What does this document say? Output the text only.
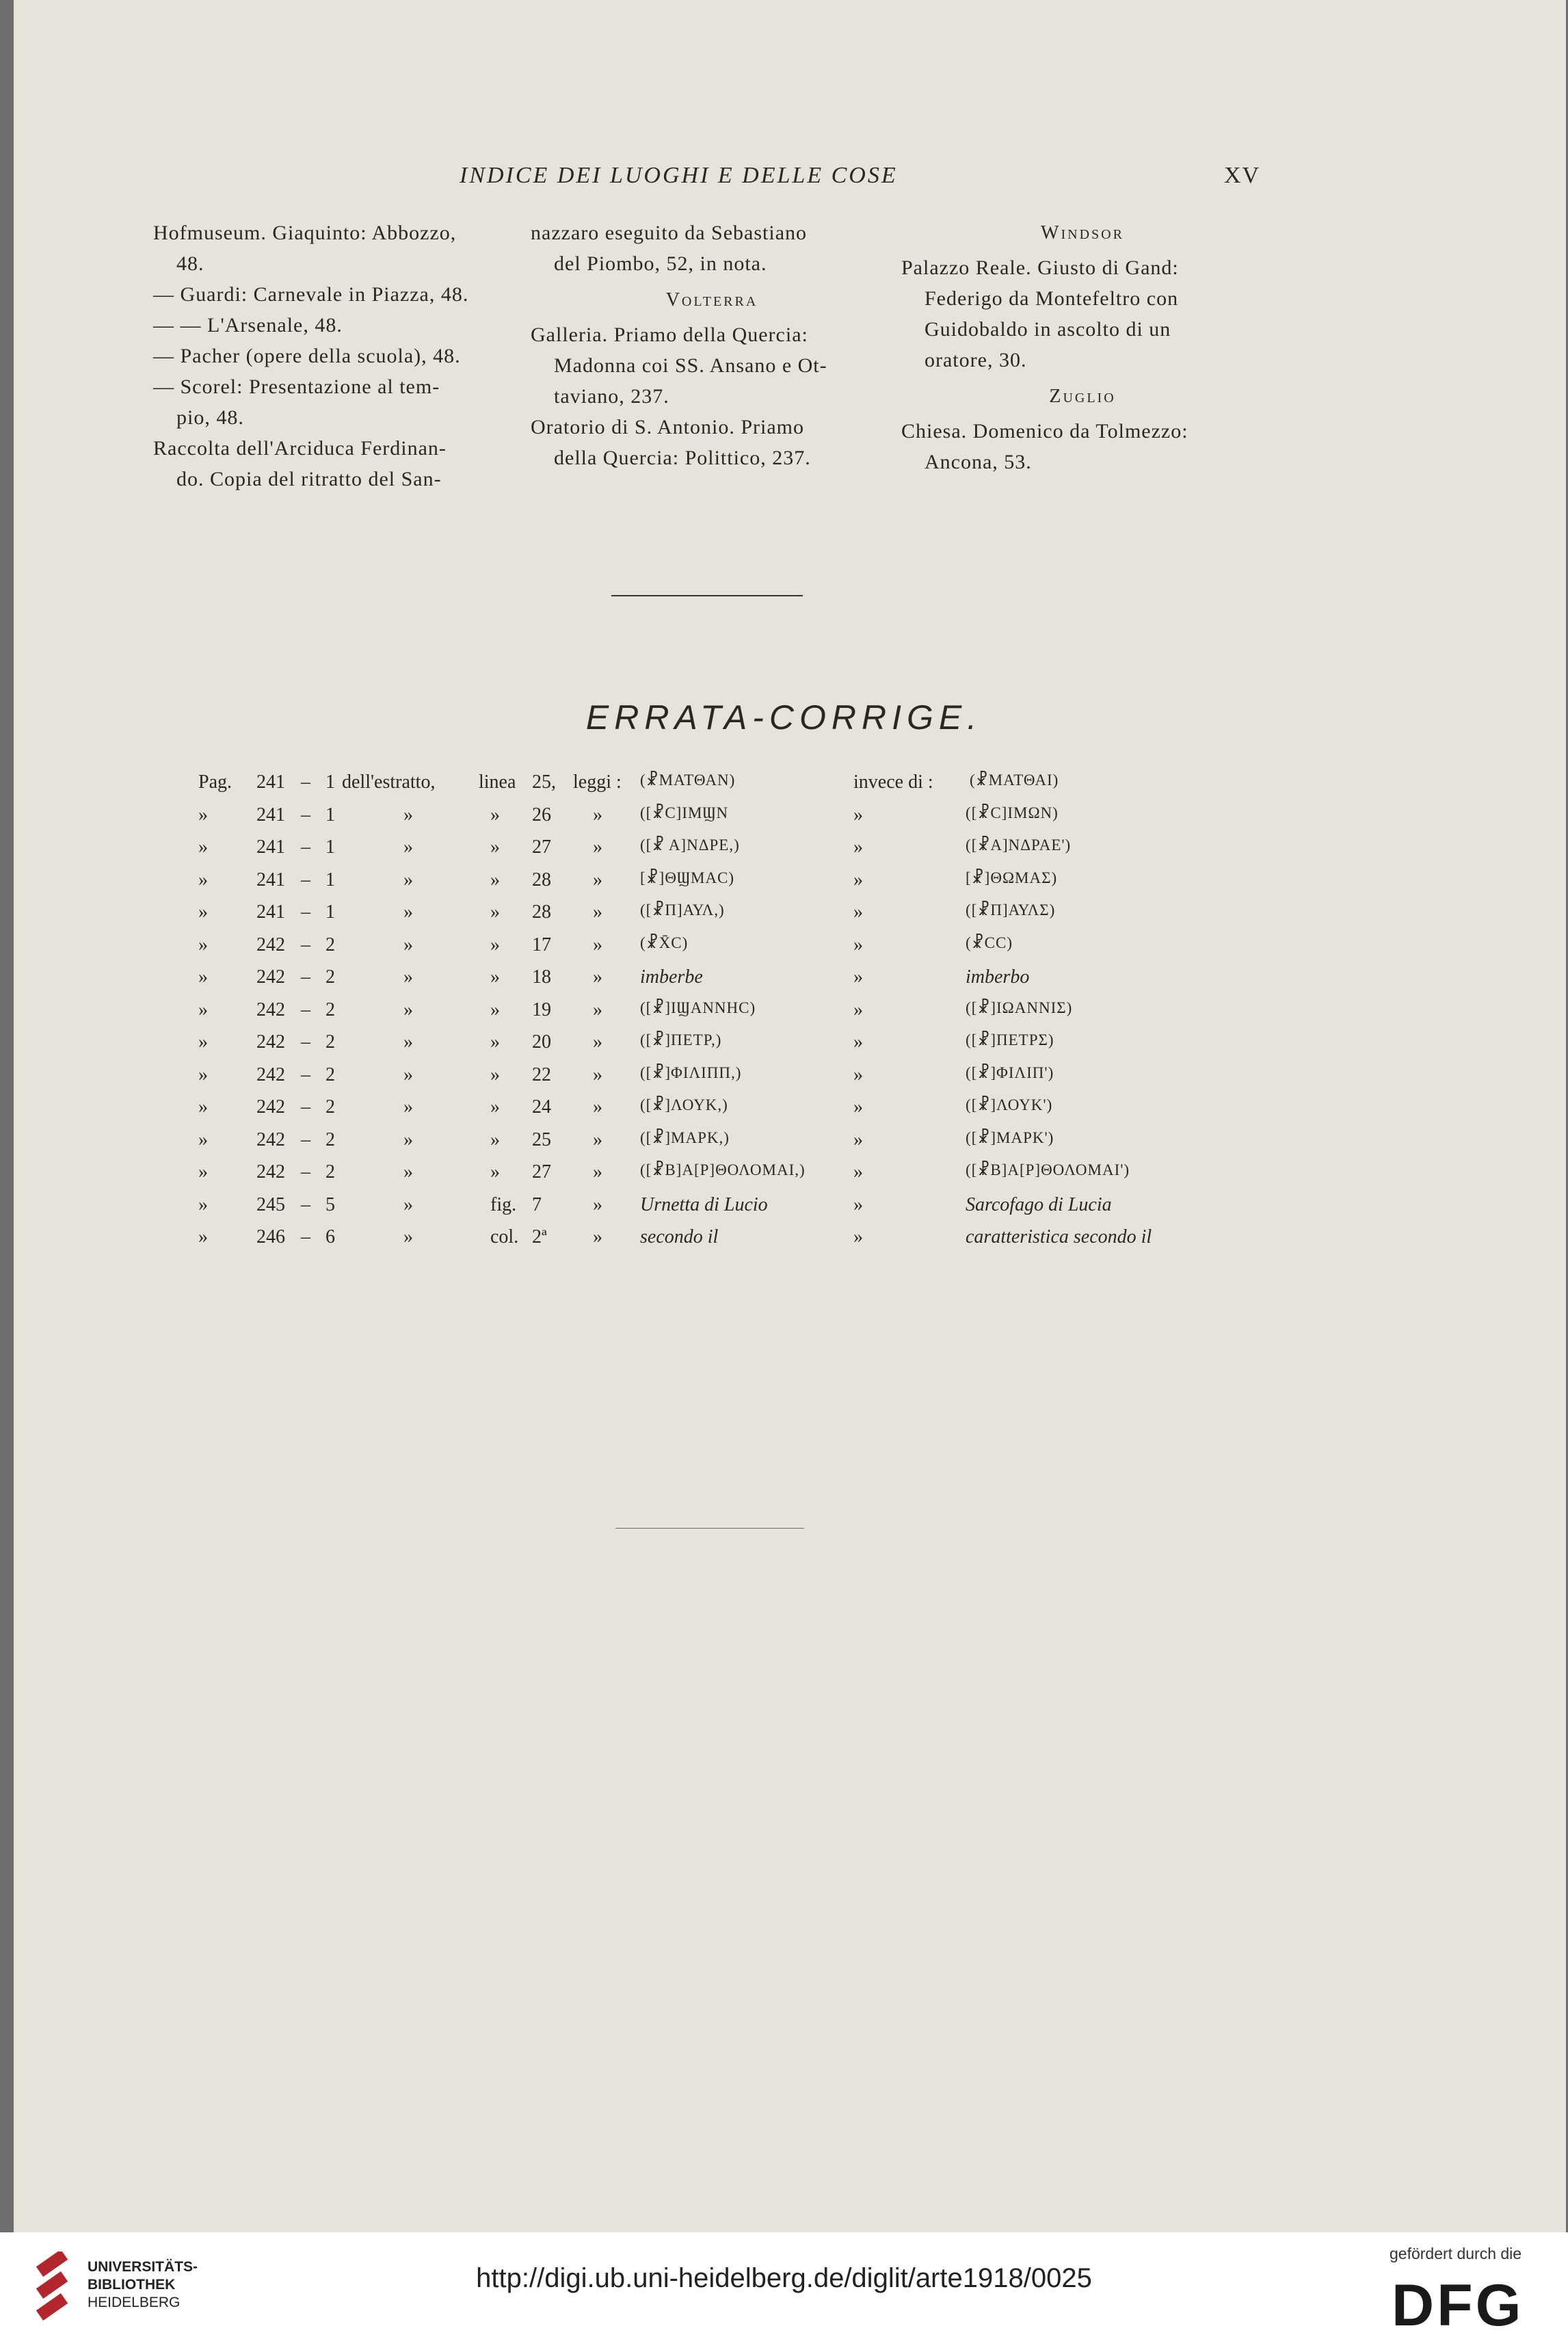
INDICE DEI LUOGHI E DELLE COSE	XV
Hofmuseum. Giaquinto: Abbozzo,
48.
— Guardi: Carnevale in Piazza, 48.
— — L'Arsenale, 48.
— Pacher (opere della scuola), 48.
— Scorel: Presentazione al tem-
pio, 48.
Raccolta dell'Arciduca Ferdinan-
do. Copia del ritratto del San-
nazzaro eseguito da Sebastiano
del Piombo, 52, in nota.
Volterra
Galleria. Priamo della Quercia:
Madonna coi SS. Ansano e Ot-
taviano, 237.
Oratorio di S. Antonio. Priamo
della Quercia: Polittico, 237.
Windsor
Palazzo Reale. Giusto di Gand:
Federigo da Montefeltro con
Guidobaldo in ascolto di un
oratore, 30.
Zuglio
Chiesa. Domenico da Tolmezzo:
Ancona, 53.
ERRATA-CORRIGE.
Pag. 241 – 1 dell'estratto, linea 25, leggi : (☧ΜΑΤΘΑΝ)	invece di : (☧ΜΑΤΘΑΙ)
»	241 – 1	»	» 26 » ([☧C]ΙΜϢΝ	»	([☧C]ΙΜΩΝ)
»	241 – 1	»	» 27 » ([☧ Α]ΝΔΡΕ,)	»	([☧Α]ΝΔΡΑΕ')
»	241 – 1	»	» 28 » [☧]ΘϢΜΑC)	»	[☧]ΘΩΜΑΣ)
»	241 – 1	»	» 28 » ([☧Π]ΑΥΛ,)	»	([☧Π]ΑΥΛΣ)
»	242 – 2	»	» 17 » (☧X̄C)	»	(☧CC)
»	242 – 2	»	» 18 » imberbe	»	imberbo
»	242 – 2	»	» 19 » ([☧]ΙϢΑΝΝΗC)	»	([☧]ΙΩΑΝΝΙΣ)
»	242 – 2	»	» 20 » ([☧]ΠΕΤΡ,)	»	([☧]ΠΕΤΡΣ)
»	242 – 2	»	» 22 » ([☧]ΦΙΛΙΠΠ,)	»	([☧]ΦΙΛΙΠ')
»	242 – 2	»	» 24 » ([☧]ΛΟΥΚ,)	»	([☧]ΛΟΥΚ')
»	242 – 2	»	» 25 » ([☧]ΜΑΡΚ,)	»	([☧]ΜΑΡΚ')
»	242 – 2	»	» 27 » ([☧Β]Α[Ρ]ΘΟΛΟΜΑΙ,)	»	([☧Β]Α[Ρ]ΘΟΛΟΜΑΙ')
»	245 – 5	»	fig. 7	» Urnetta di Lucio	»	Sarcofago di Lucia
»	246 – 6	»	col. 2ª » secondo il	»	caratteristica secondo il
UNIVERSITÄTS-
BIBLIOTHEK
HEIDELBERG
http://digi.ub.uni-heidelberg.de/diglit/arte1918/0025
gefördert durch die
DFG
